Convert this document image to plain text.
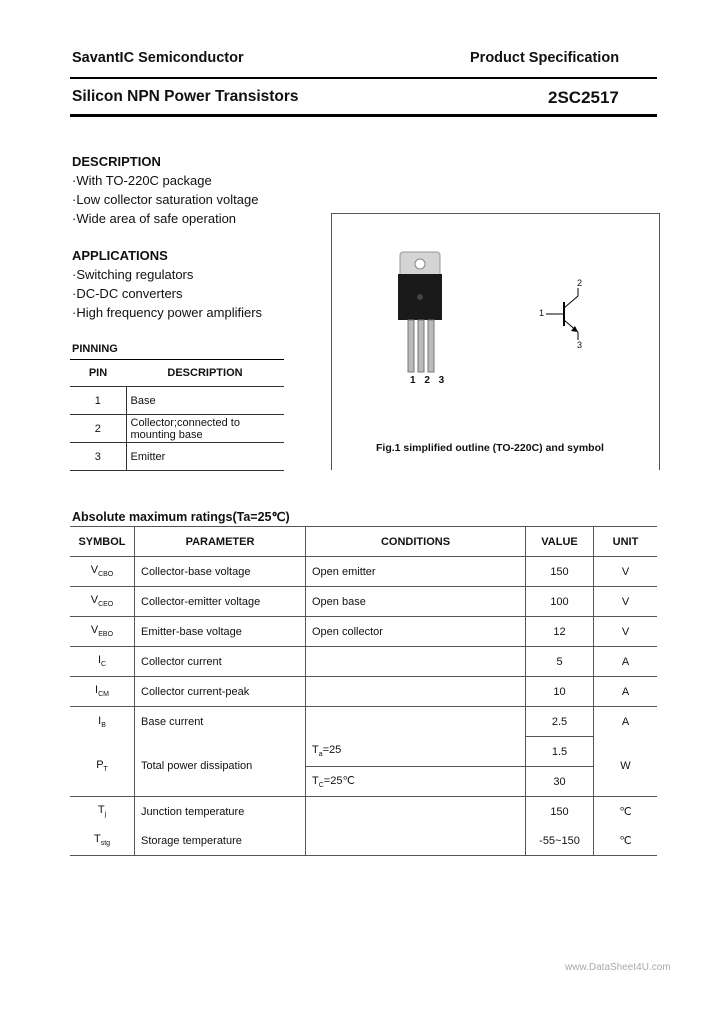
SavantIC Semiconductor	Product Specification
Silicon NPN Power Transistors	2SC2517
DESCRIPTION
·With TO-220C package
·Low collector saturation voltage
·Wide area of safe operation
APPLICATIONS
·Switching regulators
·DC-DC converters
·High frequency power amplifiers
PINNING
PIN	DESCRIPTION
1	Base
2	Collector;connected to mounting base
3	Emitter
1 2 3
1
2
3
Fig.1 simplified outline (TO-220C) and symbol
Absolute maximum ratings(Ta=25℃)
SYMBOL	PARAMETER	CONDITIONS	VALUE	UNIT
$V_{CBO}$	Collector-base voltage	Open emitter	150	V
$V_{CEO}$	Collector-emitter voltage	Open base	100	V
$V_{EBO}$	Emitter-base voltage	Open collector	12	V
$I_C$	Collector current		5	A
$I_{CM}$	Collector current-peak		10	A
$I_B$	Base current		2.5	A
$P_T$	Total power dissipation	$T_a=25$	1.5	W
		$T_C=25℃$	30	
$T_j$	Junction temperature		150	℃
$T_{stg}$	Storage temperature		-55~150	℃
www.DataSheet4U.com
